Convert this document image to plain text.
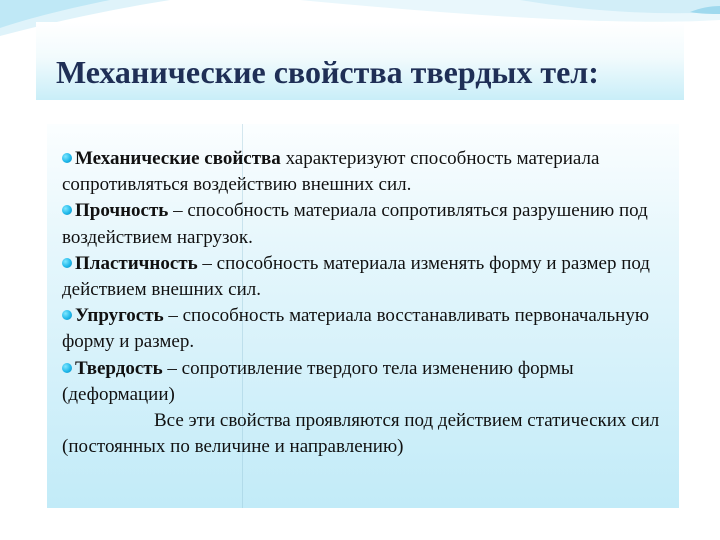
Механические свойства твердых тел:

Механические свойства характеризуют способность материала сопротивляться воздействию внешних сил.

Прочность – способность материала сопротивляться разрушению под воздействием нагрузок.

Пластичность – способность материала изменять форму и размер под действием внешних сил.

Упругость – способность материала восстанавливать первоначальную форму и размер.

Твердость – сопротивление твердого тела изменению формы (деформации)

Все эти свойства проявляются под действием статических сил (постоянных по величине и направлению)
